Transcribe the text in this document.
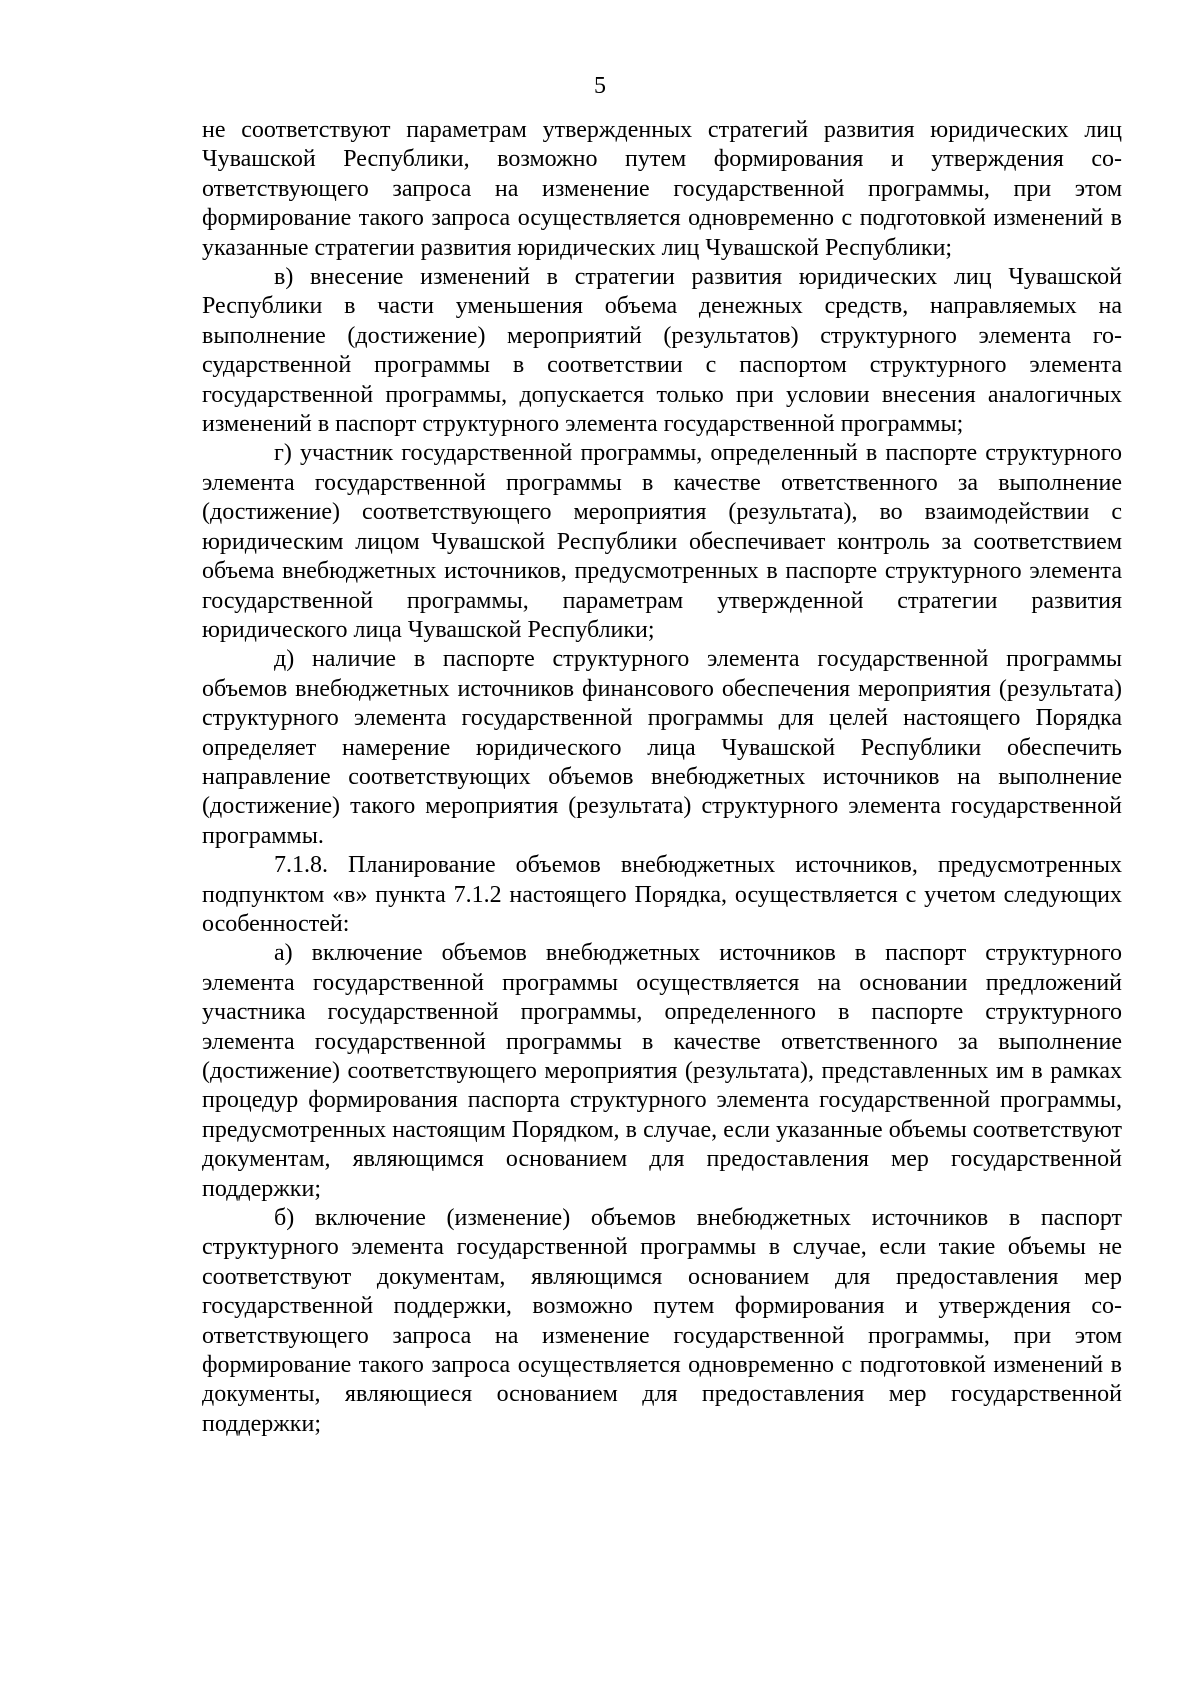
5

не соответствуют параметрам утвержденных стратегий развития юридических лиц Чувашской Республики, возможно путем формирования и утверждения соответствующего запроса на изменение государственной программы, при этом формирование такого запроса осуществляется одновременно с подготовкой изменений в указанные стратегии развития юридических лиц Чувашской Республики;

в) внесение изменений в стратегии развития юридических лиц Чувашской Республики в части уменьшения объема денежных средств, направляемых на выполнение (достижение) мероприятий (результатов) структурного элемента государственной программы в соответствии с паспортом структурного элемента государственной программы, допускается только при условии внесения аналогичных изменений в паспорт структурного элемента государственной программы;

г) участник государственной программы, определенный в паспорте структурного элемента государственной программы в качестве ответственного за выполнение (достижение) соответствующего мероприятия (результата), во взаимодействии с юридическим лицом Чувашской Республики обеспечивает контроль за соответствием объема внебюджетных источников, предусмотренных в паспорте структурного элемента государственной программы, параметрам утвержденной стратегии развития юридического лица Чувашской Республики;

д) наличие в паспорте структурного элемента государственной программы объемов внебюджетных источников финансового обеспечения мероприятия (результата) структурного элемента государственной программы для целей настоящего Порядка определяет намерение юридического лица Чувашской Республики обеспечить направление соответствующих объемов внебюджетных источников на выполнение (достижение) такого мероприятия (результата) структурного элемента государственной программы.

7.1.8. Планирование объемов внебюджетных источников, предусмотренных подпунктом «в» пункта 7.1.2 настоящего Порядка, осуществляется с учетом следующих особенностей:

а) включение объемов внебюджетных источников в паспорт структурного элемента государственной программы осуществляется на основании предложений участника государственной программы, определенного в паспорте структурного элемента государственной программы в качестве ответственного за выполнение (достижение) соответствующего мероприятия (результата), представленных им в рамках процедур формирования паспорта структурного элемента государственной программы, предусмотренных настоящим Порядком, в случае, если указанные объемы соответствуют документам, являющимся основанием для предоставления мер государственной поддержки;

б) включение (изменение) объемов внебюджетных источников в паспорт структурного элемента государственной программы в случае, если такие объемы не соответствуют документам, являющимся основанием для предоставления мер государственной поддержки, возможно путем формирования и утверждения соответствующего запроса на изменение государственной программы, при этом формирование такого запроса осуществляется одновременно с подготовкой изменений в документы, являющиеся основанием для предоставления мер государственной поддержки;
